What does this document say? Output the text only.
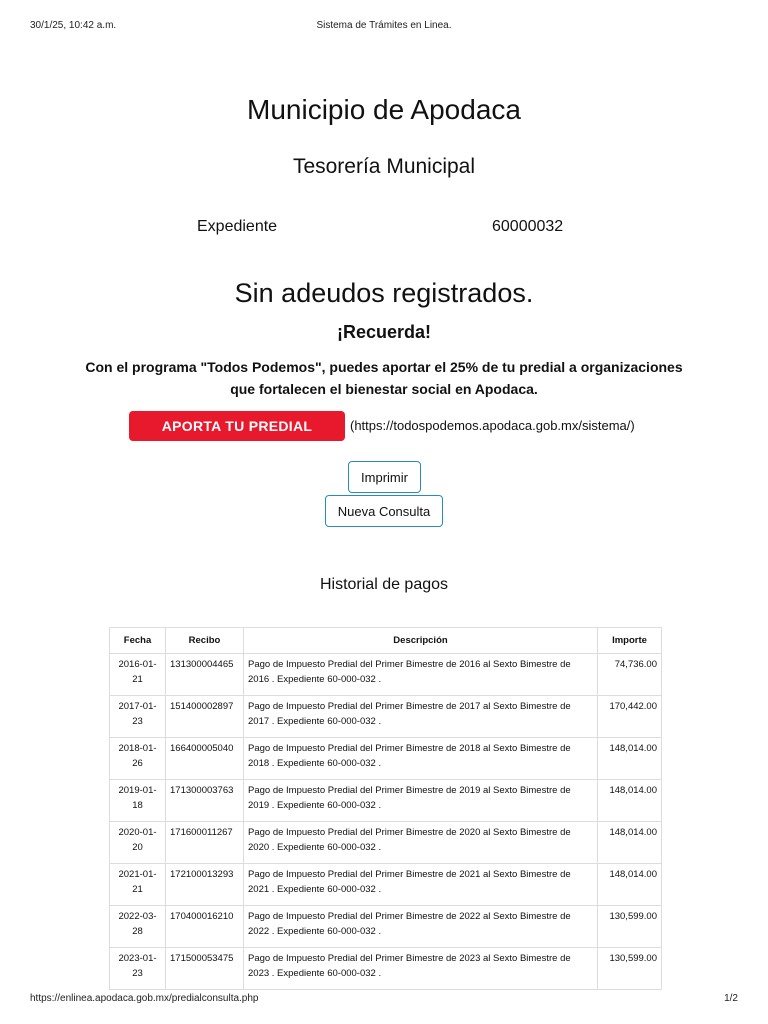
30/1/25, 10:42 a.m.	Sistema de Trámites en Linea.
Municipio de Apodaca
Tesorería Municipal
Expediente	60000032
Sin adeudos registrados.
¡Recuerda!
Con el programa "Todos Podemos", puedes aportar el 25% de tu predial a organizaciones
que fortalecen el bienestar social en Apodaca.
APORTA TU PREDIAL	(https://todospodemos.apodaca.gob.mx/sistema/)
Imprimir
Nueva Consulta
Historial de pagos
Fecha	Recibo	Descripción	Importe
2016-01-21	131300004465	Pago de Impuesto Predial del Primer Bimestre de 2016 al Sexto Bimestre de 2016 . Expediente 60-000-032 .	74,736.00
2017-01-23	151400002897	Pago de Impuesto Predial del Primer Bimestre de 2017 al Sexto Bimestre de 2017 . Expediente 60-000-032 .	170,442.00
2018-01-26	166400005040	Pago de Impuesto Predial del Primer Bimestre de 2018 al Sexto Bimestre de 2018 . Expediente 60-000-032 .	148,014.00
2019-01-18	171300003763	Pago de Impuesto Predial del Primer Bimestre de 2019 al Sexto Bimestre de 2019 . Expediente 60-000-032 .	148,014.00
2020-01-20	171600011267	Pago de Impuesto Predial del Primer Bimestre de 2020 al Sexto Bimestre de 2020 . Expediente 60-000-032 .	148,014.00
2021-01-21	172100013293	Pago de Impuesto Predial del Primer Bimestre de 2021 al Sexto Bimestre de 2021 . Expediente 60-000-032 .	148,014.00
2022-03-28	170400016210	Pago de Impuesto Predial del Primer Bimestre de 2022 al Sexto Bimestre de 2022 . Expediente 60-000-032 .	130,599.00
2023-01-23	171500053475	Pago de Impuesto Predial del Primer Bimestre de 2023 al Sexto Bimestre de 2023 . Expediente 60-000-032 .	130,599.00
https://enlinea.apodaca.gob.mx/predialconsulta.php	1/2
